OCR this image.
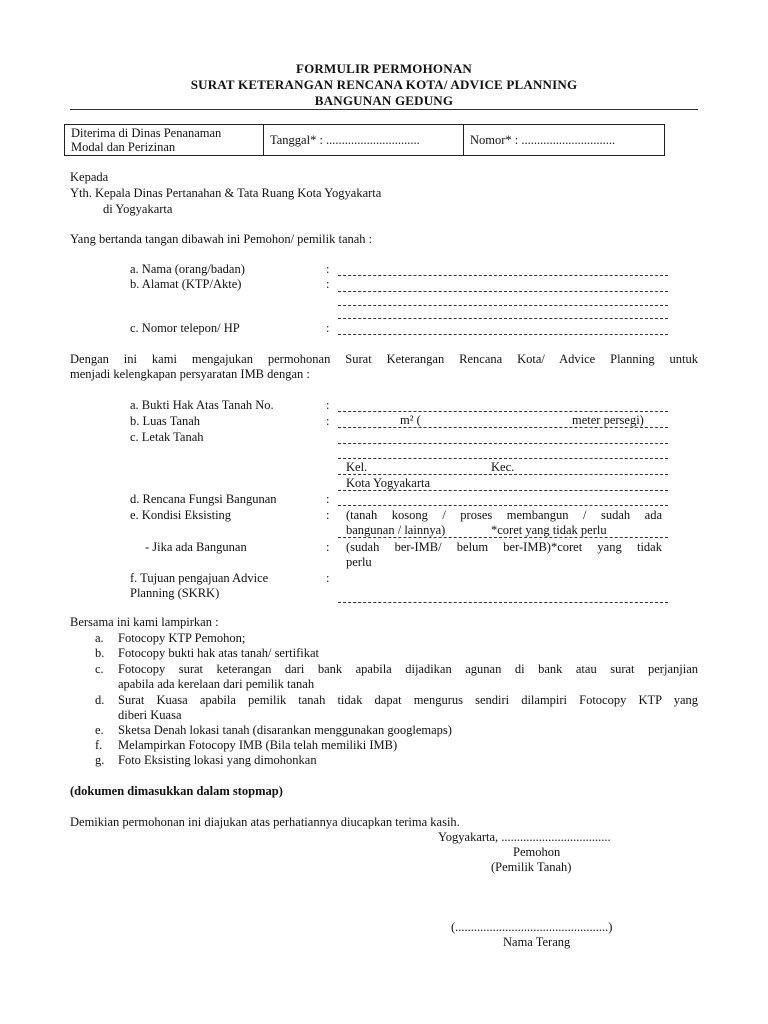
FORMULIR PERMOHONAN
SURAT KETERANGAN RENCANA KOTA/ ADVICE PLANNING
BANGUNAN GEDUNG
Diterima di Dinas Penanaman
Modal dan Perizinan	Tanggal* : ..............................	Nomor* : ..............................
Kepada
Yth. Kepala Dinas Pertanahan & Tata Ruang Kota Yogyakarta
di Yogyakarta
Yang bertanda tangan dibawah ini Pemohon/ pemilik tanah :
a. Nama (orang/badan)	:
b. Alamat (KTP/Akte)	:
c. Nomor telepon/ HP	:
Dengan ini kami mengajukan permohonan Surat Keterangan Rencana Kota/ Advice Planning untuk
menjadi kelengkapan persyaratan IMB dengan :
a. Bukti Hak Atas Tanah No.	:
b. Luas Tanah	:	m² (	meter persegi)
c. Letak Tanah
Kel.	Kec.
Kota Yogyakarta
d. Rencana Fungsi Bangunan	:
e. Kondisi Eksisting	: (tanah kosong / proses membangun / sudah ada
bangunan / lainnya)	*coret yang tidak perlu
- Jika ada Bangunan	: (sudah ber-IMB/ belum ber-IMB)*coret yang tidak
perlu
f. Tujuan pengajuan Advice	:
Planning (SKRK)
Bersama ini kami lampirkan :
a. Fotocopy KTP Pemohon;
b. Fotocopy bukti hak atas tanah/ sertifikat
c. Fotocopy surat keterangan dari bank apabila dijadikan agunan di bank atau surat perjanjian
apabila ada kerelaan dari pemilik tanah
d. Surat Kuasa apabila pemilik tanah tidak dapat mengurus sendiri dilampiri Fotocopy KTP yang
diberi Kuasa
e. Sketsa Denah lokasi tanah (disarankan menggunakan googlemaps)
f. Melampirkan Fotocopy IMB (Bila telah memiliki IMB)
g. Foto Eksisting lokasi yang dimohonkan
(dokumen dimasukkan dalam stopmap)
Demikian permohonan ini diajukan atas perhatiannya diucapkan terima kasih.
Yogyakarta, ...................................
Pemohon
(Pemilik Tanah)
(.................................................)
Nama Terang
